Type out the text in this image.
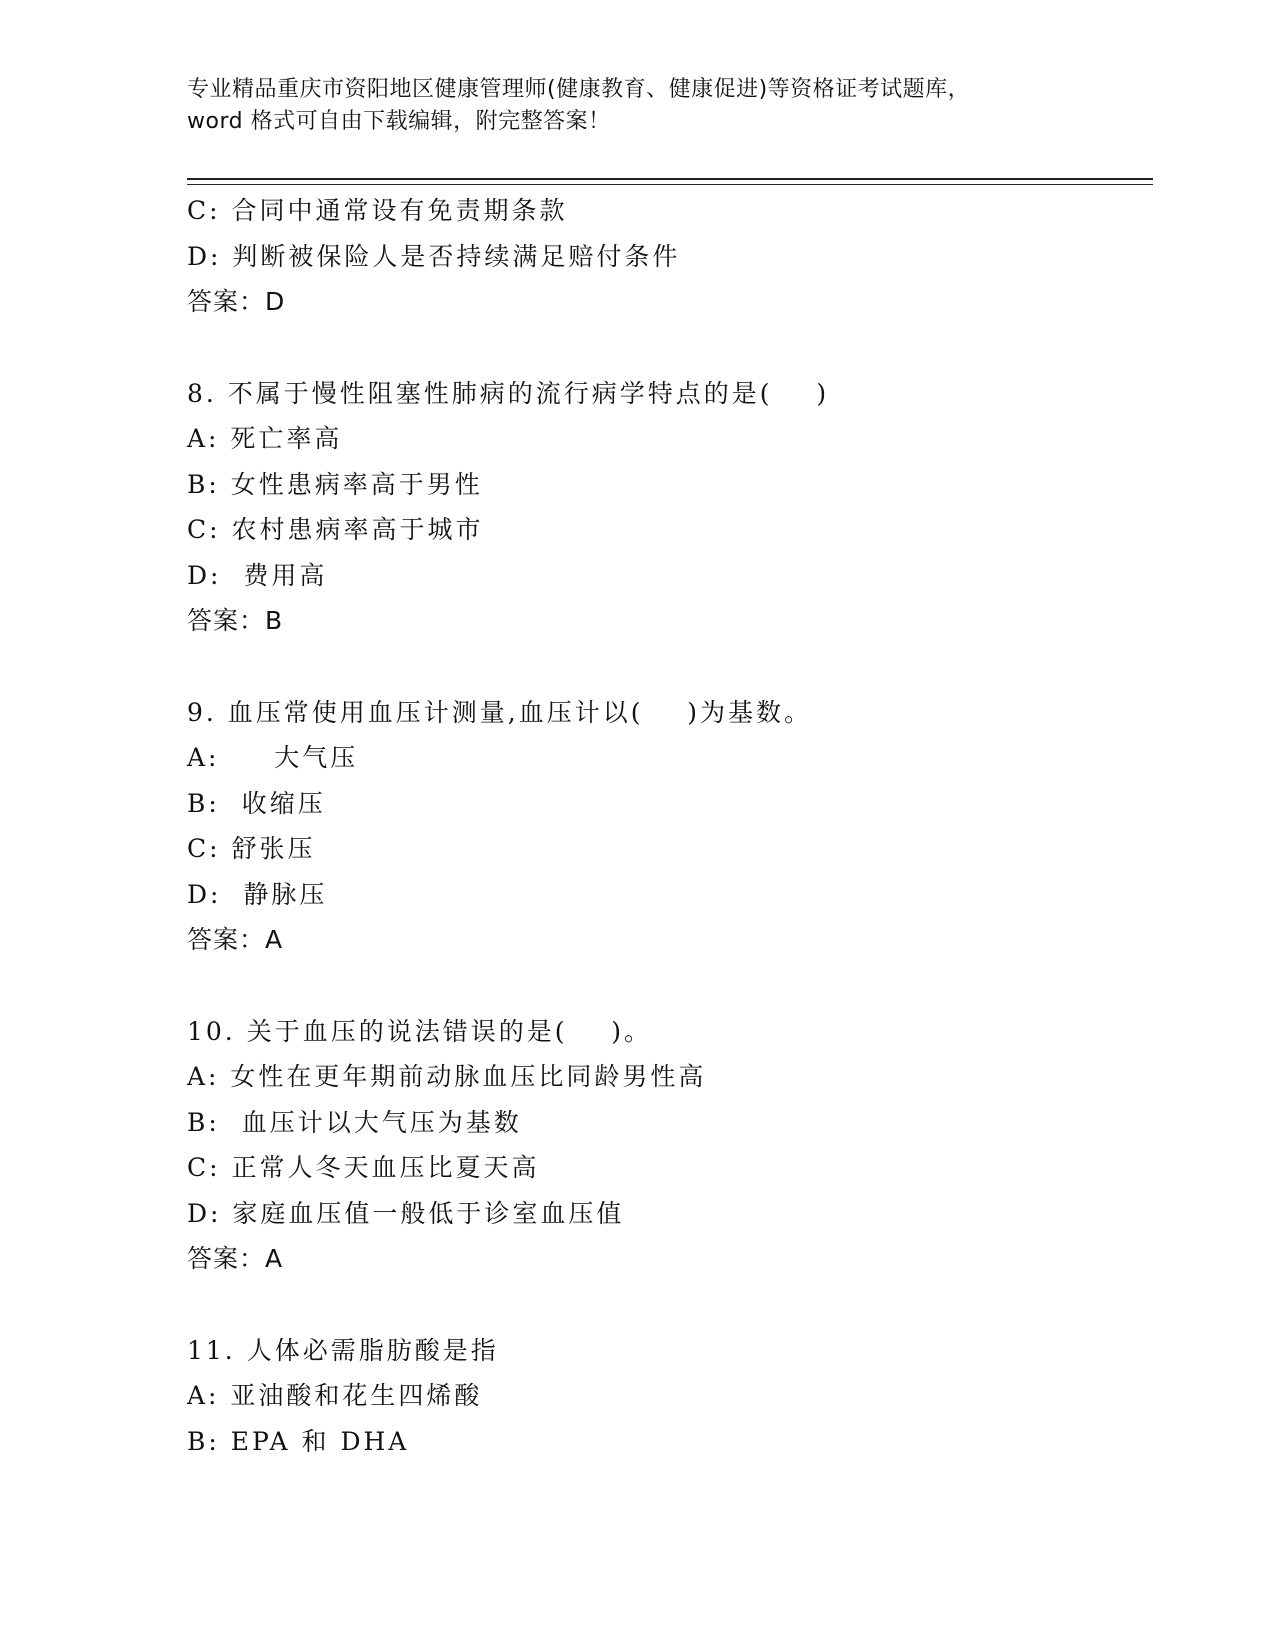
专业精品重庆市资阳地区健康管理师(健康教育、健康促进)等资格证考试题库，
word 格式可自由下载编辑，附完整答案！
C: 合同中通常设有免责期条款
D: 判断被保险人是否持续满足赔付条件
答案：D
8. 不属于慢性阻塞性肺病的流行病学特点的是(    )
A: 死亡率高
B: 女性患病率高于男性
C: 农村患病率高于城市
D:  费用高
答案：B
9. 血压常使用血压计测量,血压计以(    )为基数。
A:     大气压
B:  收缩压
C: 舒张压
D:  静脉压
答案：A
10. 关于血压的说法错误的是(    )。
A: 女性在更年期前动脉血压比同龄男性高
B:  血压计以大气压为基数
C: 正常人冬天血压比夏天高
D: 家庭血压值一般低于诊室血压值
答案：A
11. 人体必需脂肪酸是指
A: 亚油酸和花生四烯酸
B: EPA 和 DHA
